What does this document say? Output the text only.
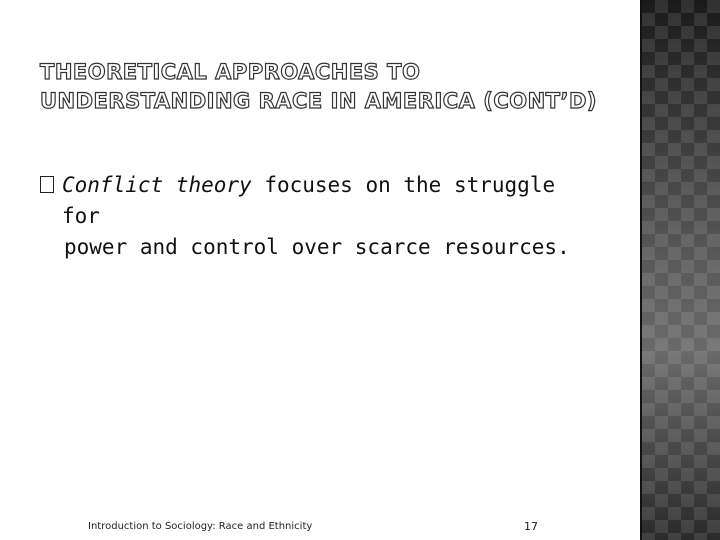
THEORETICAL APPROACHES TO
UNDERSTANDING RACE IN AMERICA (CONT’D)
Conflict theory focuses on the struggle for
power and control over scarce resources.
Introduction to Sociology: Race and Ethnicity	17
